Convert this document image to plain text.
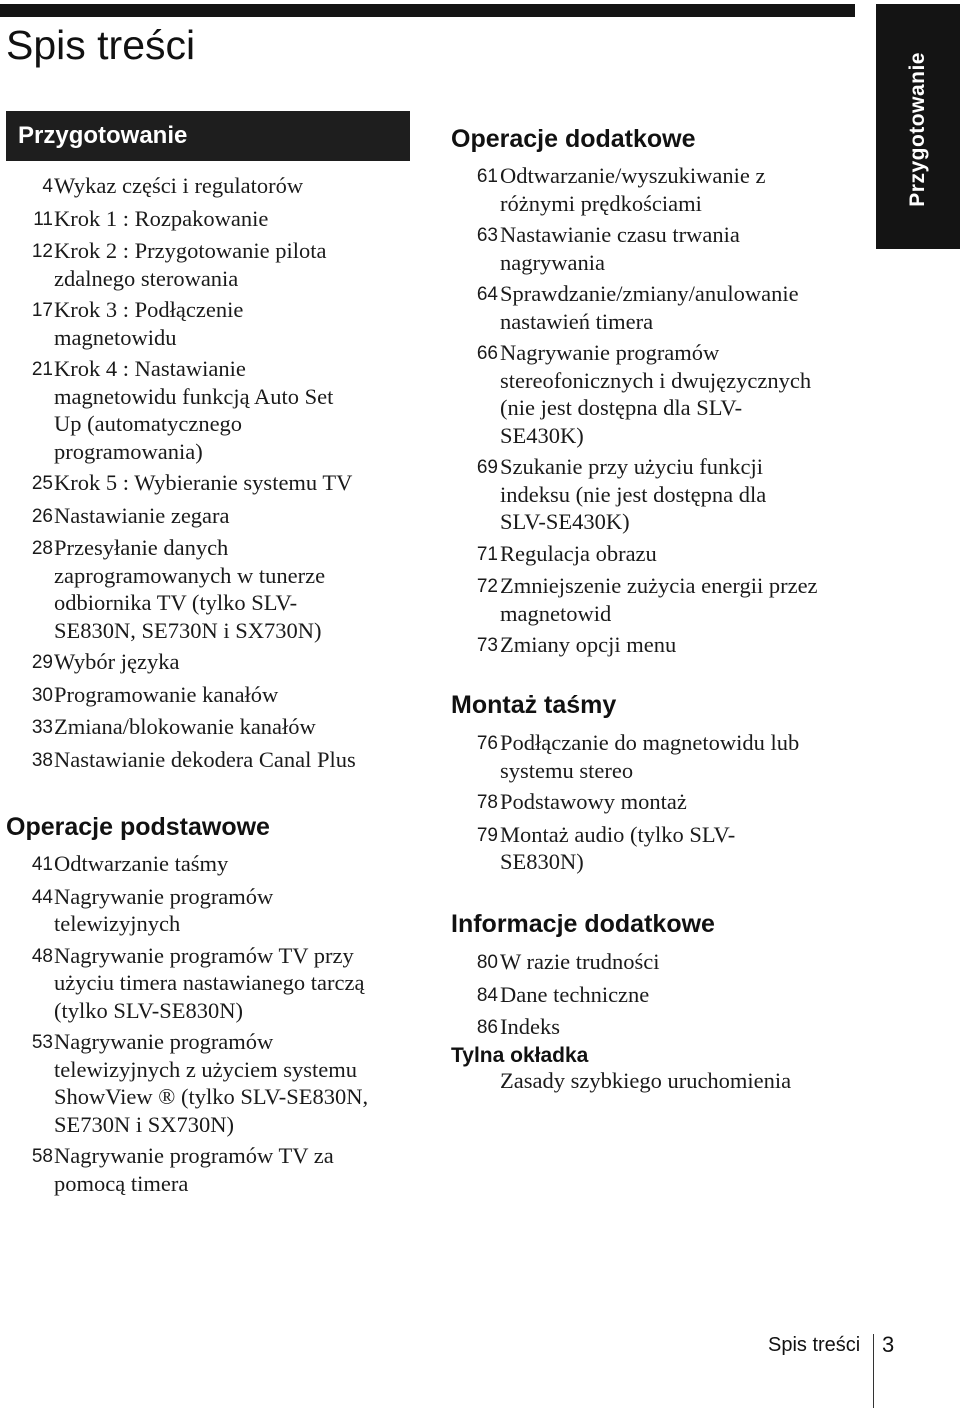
Przygotowanie
Spis treści
Przygotowanie
4 Wykaz części i regulatorów
11 Krok 1 : Rozpakowanie
12 Krok 2 : Przygotowanie pilota
zdalnego sterowania
17 Krok 3 : Podłączenie
magnetowidu
21 Krok 4 : Nastawianie
magnetowidu funkcją Auto Set
Up (automatycznego
programowania)
25 Krok 5 : Wybieranie systemu TV
26 Nastawianie zegara
28 Przesyłanie danych
zaprogramowanych w tunerze
odbiornika TV (tylko SLV-
SE830N, SE730N i SX730N)
29 Wybór języka
30 Programowanie kanałów
33 Zmiana/blokowanie kanałów
38 Nastawianie dekodera Canal Plus
Operacje podstawowe
41 Odtwarzanie taśmy
44 Nagrywanie programów
telewizyjnych
48 Nagrywanie programów TV przy
użyciu timera nastawianego tarczą
(tylko SLV-SE830N)
53 Nagrywanie programów
telewizyjnych z użyciem systemu
ShowView ® (tylko SLV-SE830N,
SE730N i SX730N)
58 Nagrywanie programów TV za
pomocą timera
Operacje dodatkowe
61 Odtwarzanie/wyszukiwanie z
różnymi prędkościami
63 Nastawianie czasu trwania
nagrywania
64 Sprawdzanie/zmiany/anulowanie
nastawień timera
66 Nagrywanie programów
stereofonicznych i dwujęzycznych
(nie jest dostępna dla SLV-
SE430K)
69 Szukanie przy użyciu funkcji
indeksu (nie jest dostępna dla
SLV-SE430K)
71 Regulacja obrazu
72 Zmniejszenie zużycia energii przez
magnetowid
73 Zmiany opcji menu
Montaż taśmy
76 Podłączanie do magnetowidu lub
systemu stereo
78 Podstawowy montaż
79 Montaż audio (tylko SLV-
SE830N)
Informacje dodatkowe
80 W razie trudności
84 Dane techniczne
86 Indeks
Tylna okładka
Zasady szybkiego uruchomienia
Spis treści 3
